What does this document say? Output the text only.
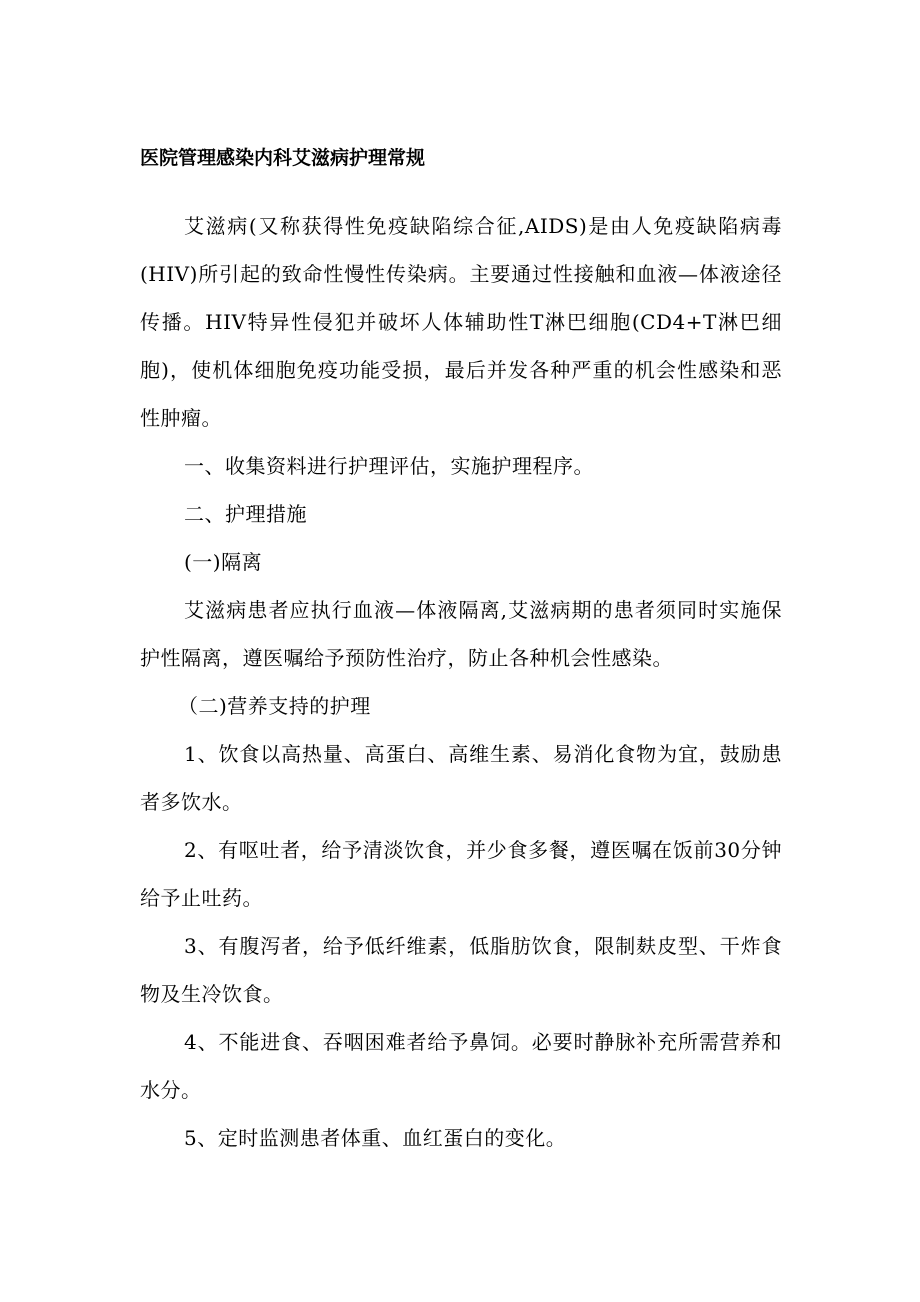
医院管理感染内科艾滋病护理常规

艾滋病(又称获得性免疫缺陷综合征,AIDS)是由人免疫缺陷病毒(HIV)所引起的致命性慢性传染病。主要通过性接触和血液—体液途径传播。HIV特异性侵犯并破坏人体辅助性T淋巴细胞(CD4+T淋巴细胞)，使机体细胞免疫功能受损，最后并发各种严重的机会性感染和恶性肿瘤。

一、收集资料进行护理评估，实施护理程序。
二、护理措施
(一)隔离

艾滋病患者应执行血液—体液隔离,艾滋病期的患者须同时实施保护性隔离，遵医嘱给予预防性治疗，防止各种机会性感染。

（二)营养支持的护理

1、饮食以高热量、高蛋白、高维生素、易消化食物为宜，鼓励患者多饮水。

2、有呕吐者，给予清淡饮食，并少食多餐，遵医嘱在饭前30分钟给予止吐药。

3、有腹泻者，给予低纤维素，低脂肪饮食，限制麸皮型、干炸食物及生冷饮食。

4、不能进食、吞咽困难者给予鼻饲。必要时静脉补充所需营养和水分。

5、定时监测患者体重、血红蛋白的变化。
